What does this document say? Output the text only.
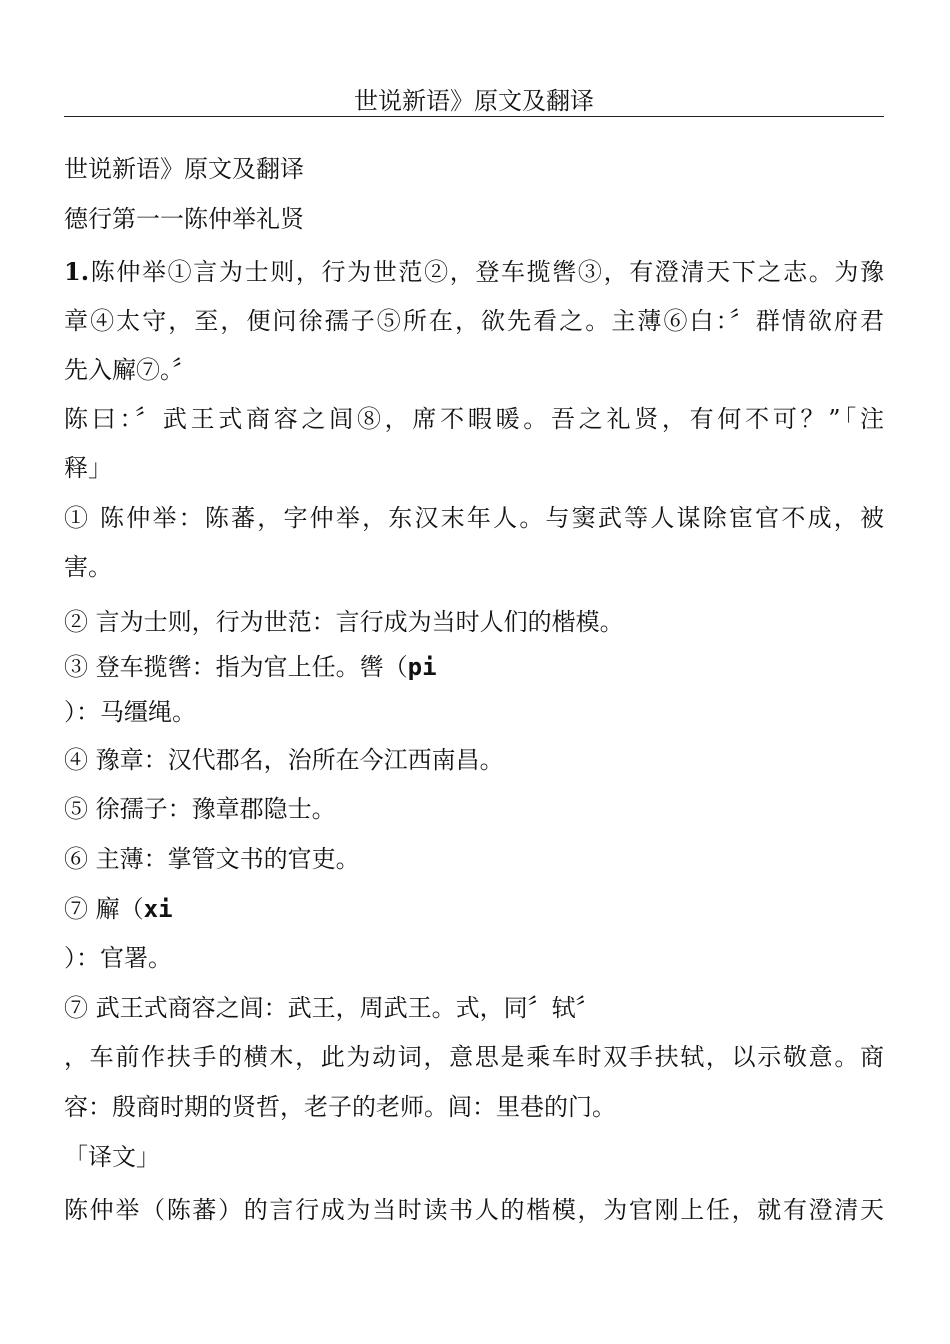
世说新语》原文及翻译
世说新语》原文及翻译
德行第一一陈仲举礼贤
1.陈仲举①言为士则，行为世范②，登车揽辔③，有澄清天下之志。为豫
章④太守，至，便问徐孺子⑤所在，欲先看之。主薄⑥白：〞群情欲府君
先入廨⑦。〞
陈曰：〞武王式商容之闾⑧，席不暇暖。吾之礼贤，有何不可？”「注
释」
① 陈仲举：陈蕃，字仲举，东汉末年人。与窦武等人谋除宦官不成，被
害。
② 言为士则，行为世范：言行成为当时人们的楷模。
③ 登车揽辔：指为官上任。辔（pi
）：马缰绳。
④ 豫章：汉代郡名，治所在今江西南昌。
⑤ 徐孺子：豫章郡隐士。
⑥ 主薄：掌管文书的官吏。
⑦ 廨（xi
）：官署。
⑦ 武王式商容之闾：武王，周武王。式，同〞轼〞
，车前作扶手的横木，此为动词，意思是乘车时双手扶轼，以示敬意。商
容：殷商时期的贤哲，老子的老师。闾：里巷的门。
「译文」
陈仲举（陈蕃）的言行成为当时读书人的楷模，为官刚上任，就有澄清天
